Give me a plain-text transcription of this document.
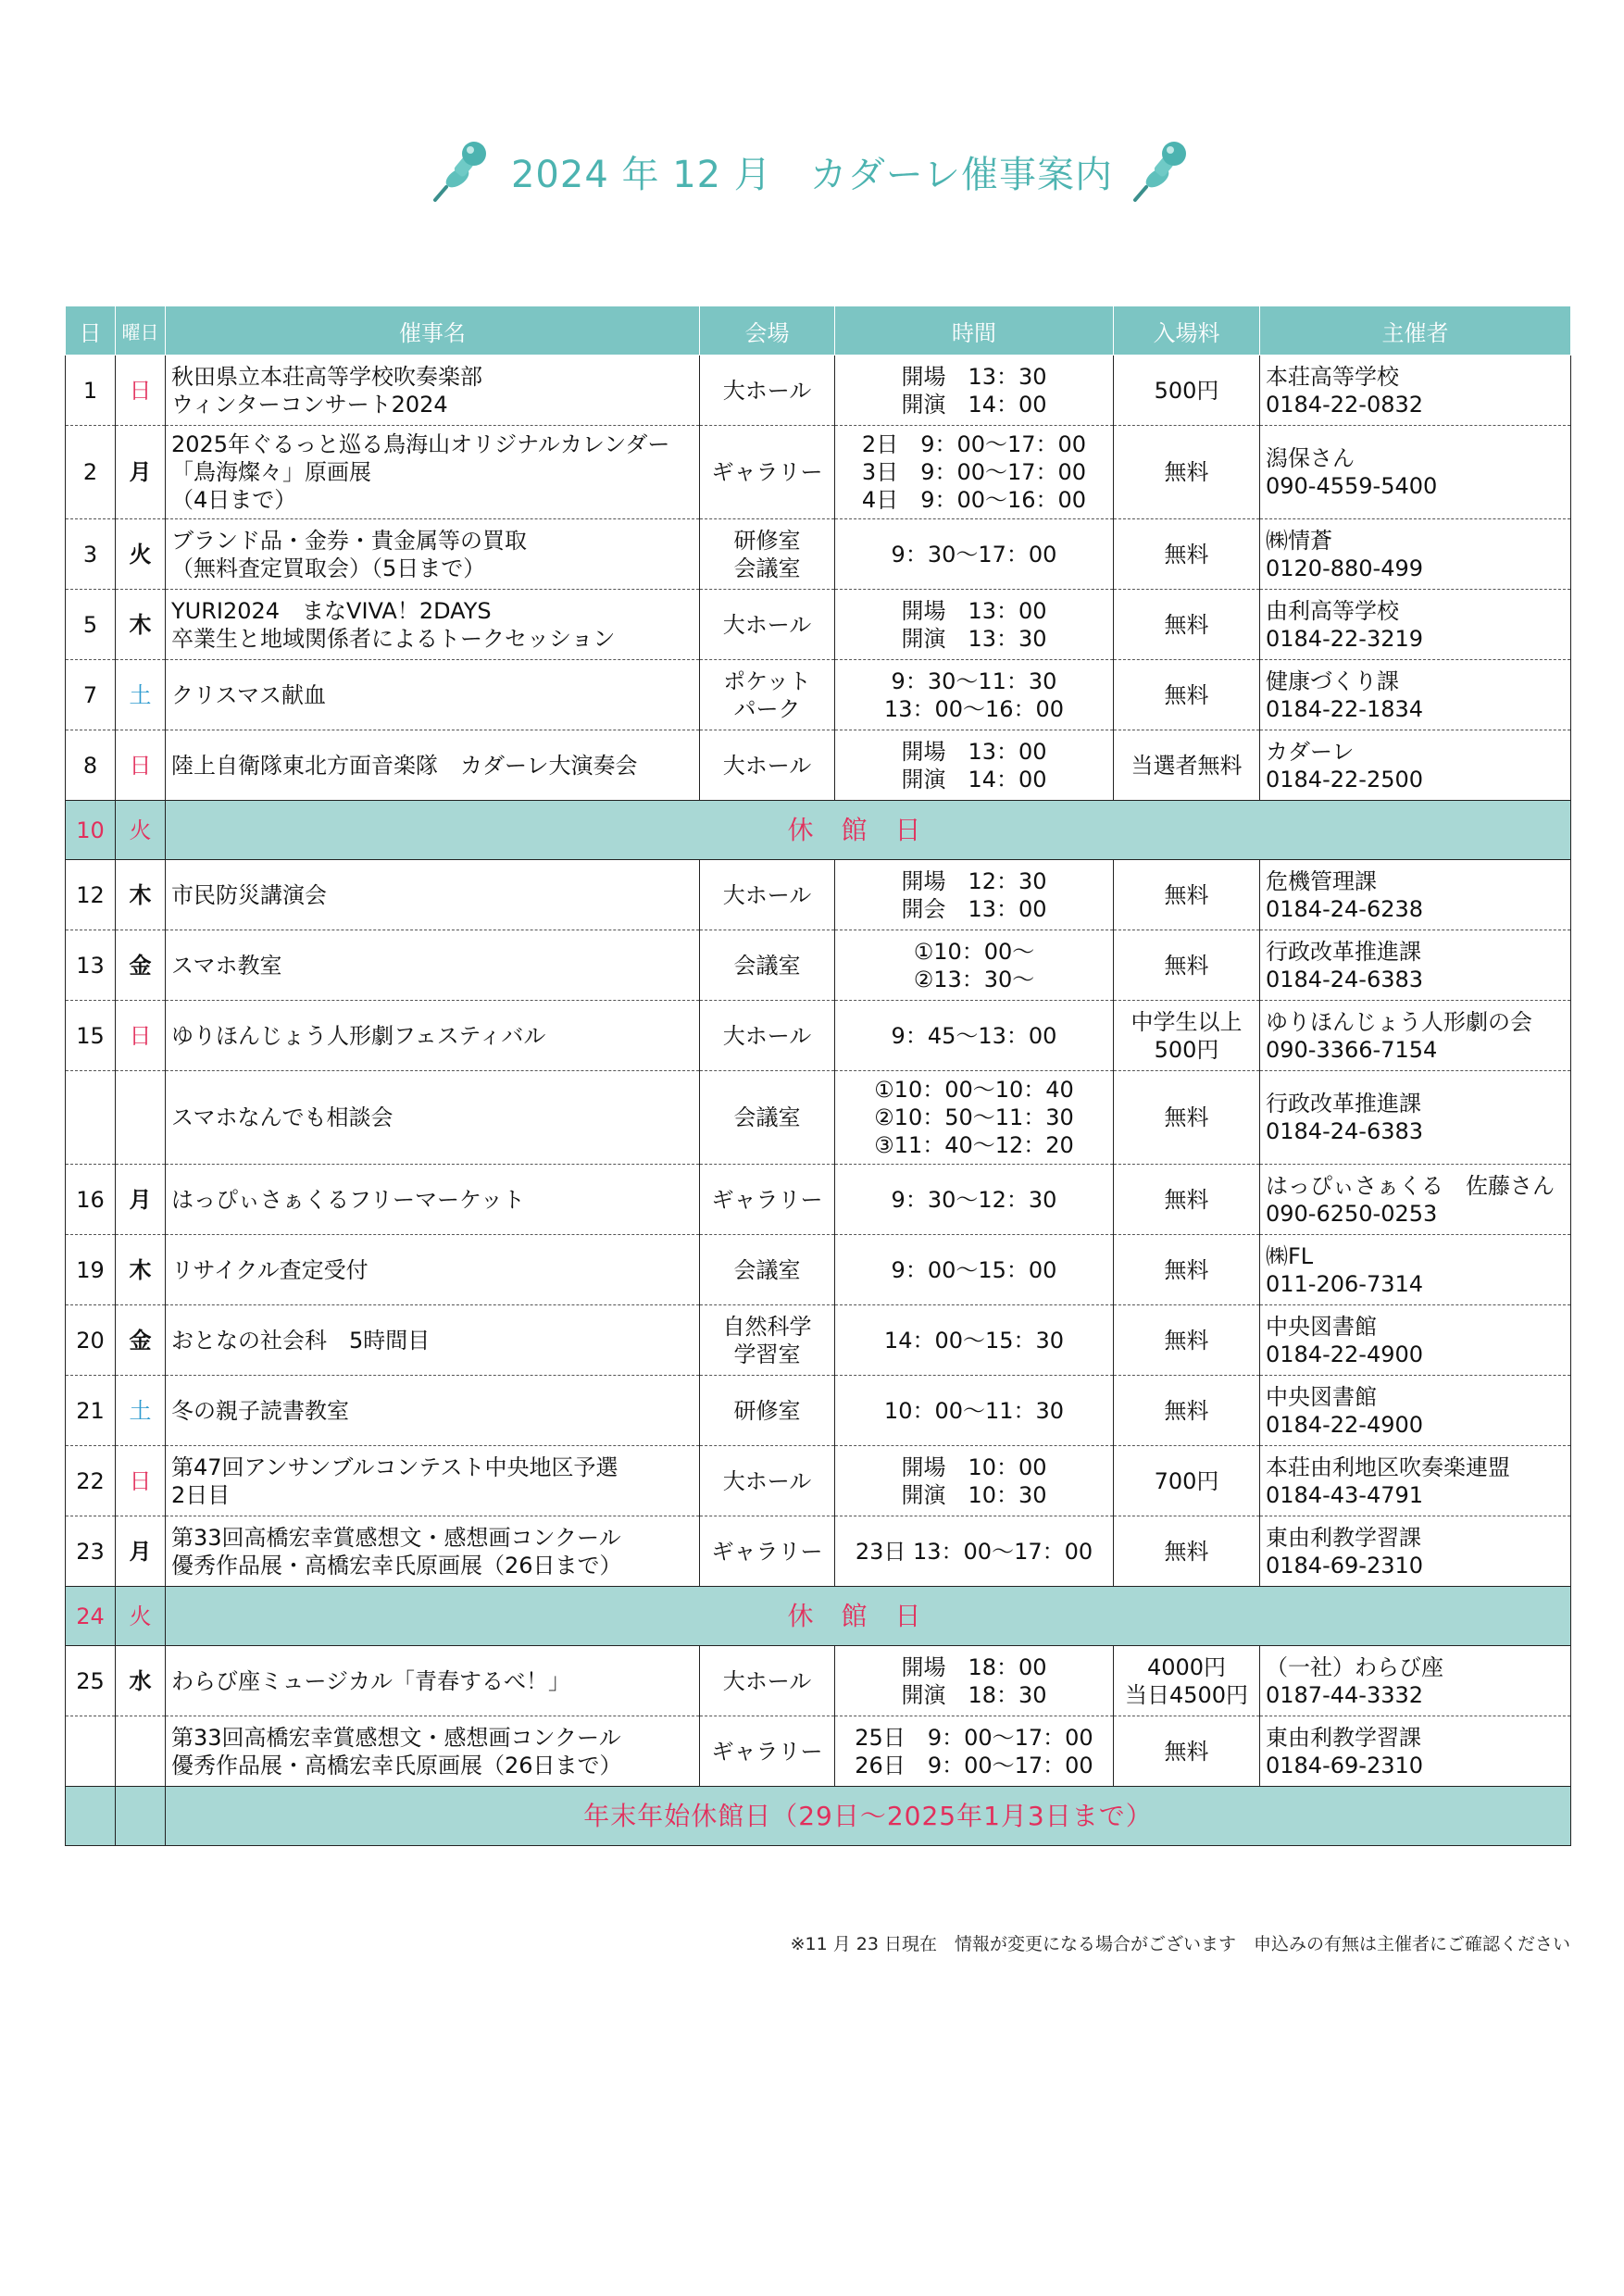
2024 年 12 月　カダーレ催事案内
日	曜日	催事名	会場	時間	入場料	主催者
1	日	秋田県立本荘高等学校吹奏楽部
ウィンターコンサート2024	大ホール	開場　13：30
開演　14：00	500円	本荘高等学校
0184-22-0832

2	月	2025年ぐるっと巡る鳥海山オリジナルカレンダー
「鳥海燦々」原画展
（4日まで）	ギャラリー	2日　9：00～17：00
3日　9：00～17：00
4日　9：00～16：00	無料	潟保さん
090-4559-5400

3	火	ブランド品・金券・貴金属等の買取
（無料査定買取会）（5日まで）	研修室
会議室	9：30～17：00	無料	㈱情蒼
0120-880-499

5	木	YURI2024　まなVIVA！2DAYS
卒業生と地域関係者によるトークセッション	大ホール	開場　13：00
開演　13：30	無料	由利高等学校
0184-22-3219

7	土	クリスマス献血	ポケット
パーク	9：30～11：30
13：00～16：00	無料	健康づくり課
0184-22-1834

8	日	陸上自衛隊東北方面音楽隊　カダーレ大演奏会	大ホール	開場　13：00
開演　14：00	当選者無料	カダーレ
0184-22-2500

10	火	休館日				
12	木	市民防災講演会	大ホール	開場　12：30
開会　13：00	無料	危機管理課
0184-24-6238

13	金	スマホ教室	会議室	①10：00～
②13：30～	無料	行政改革推進課
0184-24-6383

15	日	ゆりほんじょう人形劇フェスティバル	大ホール	9：45～13：00	中学生以上
500円	ゆりほんじょう人形劇の会
090-3366-7154

		スマホなんでも相談会	会議室	①10：00～10：40
②10：50～11：30
③11：40～12：20	無料	行政改革推進課
0184-24-6383

16	月	はっぴぃさぁくるフリーマーケット	ギャラリー	9：30～12：30	無料	はっぴぃさぁくる　佐藤さん
090-6250-0253

19	木	リサイクル査定受付	会議室	9：00～15：00	無料	㈱FL
011-206-7314

20	金	おとなの社会科　5時間目	自然科学
学習室	14：00～15：30	無料	中央図書館
0184-22-4900

21	土	冬の親子読書教室	研修室	10：00～11：30	無料	中央図書館
0184-22-4900

22	日	第47回アンサンブルコンテスト中央地区予選
2日目	大ホール	開場　10：00
開演　10：30	700円	本荘由利地区吹奏楽連盟
0184-43-4791

23	月	第33回高橋宏幸賞感想文・感想画コンクール
優秀作品展・高橋宏幸氏原画展（26日まで）	ギャラリー	23日 13：00～17：00	無料	東由利教学習課
0184-69-2310

24	火	休館日				
25	水	わらび座ミュージカル「青春するべ！」	大ホール	開場　18：00
開演　18：30	4000円
当日4500円	（一社）わらび座
0187-44-3332

		第33回高橋宏幸賞感想文・感想画コンクール
優秀作品展・高橋宏幸氏原画展（26日まで）	ギャラリー	25日　9：00～17：00
26日　9：00～17：00	無料	東由利教学習課
0184-69-2310

		年末年始休館日（29日～2025年1月3日まで）				
※11 月 23 日現在　情報が変更になる場合がございます　申込みの有無は主催者にご確認ください
